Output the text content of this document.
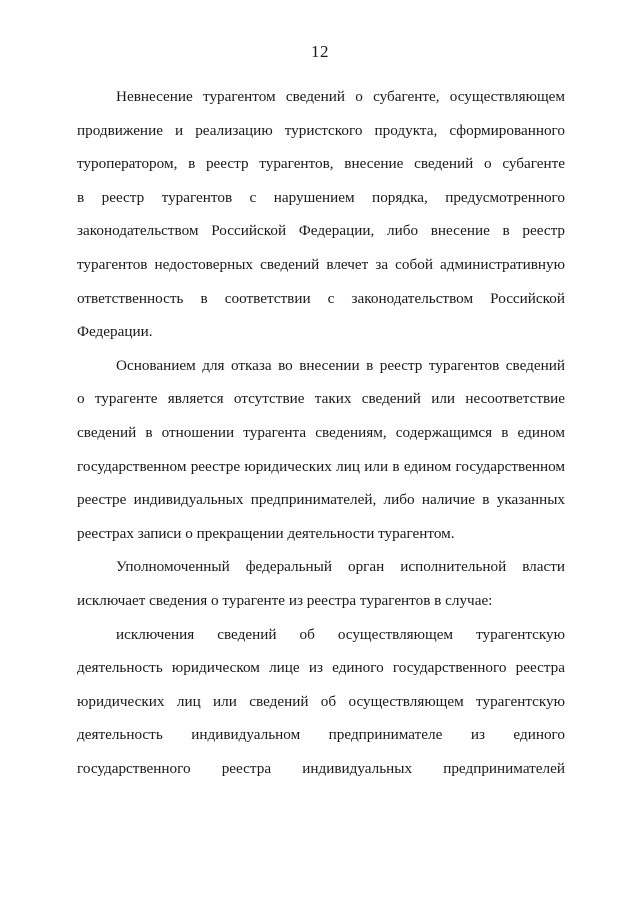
12
Невнесение турагентом сведений о субагенте, осуществляющем
продвижение и реализацию туристского продукта, сформированного
туроператором, в реестр турагентов, внесение сведений о субагенте
в реестр турагентов с нарушением порядка, предусмотренного
законодательством Российской Федерации, либо внесение в реестр
турагентов недостоверных сведений влечет за собой административную
ответственность в соответствии с законодательством Российской
Федерации.
Основанием для отказа во внесении в реестр турагентов сведений
о турагенте является отсутствие таких сведений или несоответствие
сведений в отношении турагента сведениям, содержащимся в едином
государственном реестре юридических лиц или в едином государственном
реестре индивидуальных предпринимателей, либо наличие в указанных
реестрах записи о прекращении деятельности турагентом.
Уполномоченный федеральный орган исполнительной власти
исключает сведения о турагенте из реестра турагентов в случае:
исключения сведений об осуществляющем турагентскую
деятельность юридическом лице из единого государственного реестра
юридических лиц или сведений об осуществляющем турагентскую
деятельность индивидуальном предпринимателе из единого
государственного реестра индивидуальных предпринимателей
